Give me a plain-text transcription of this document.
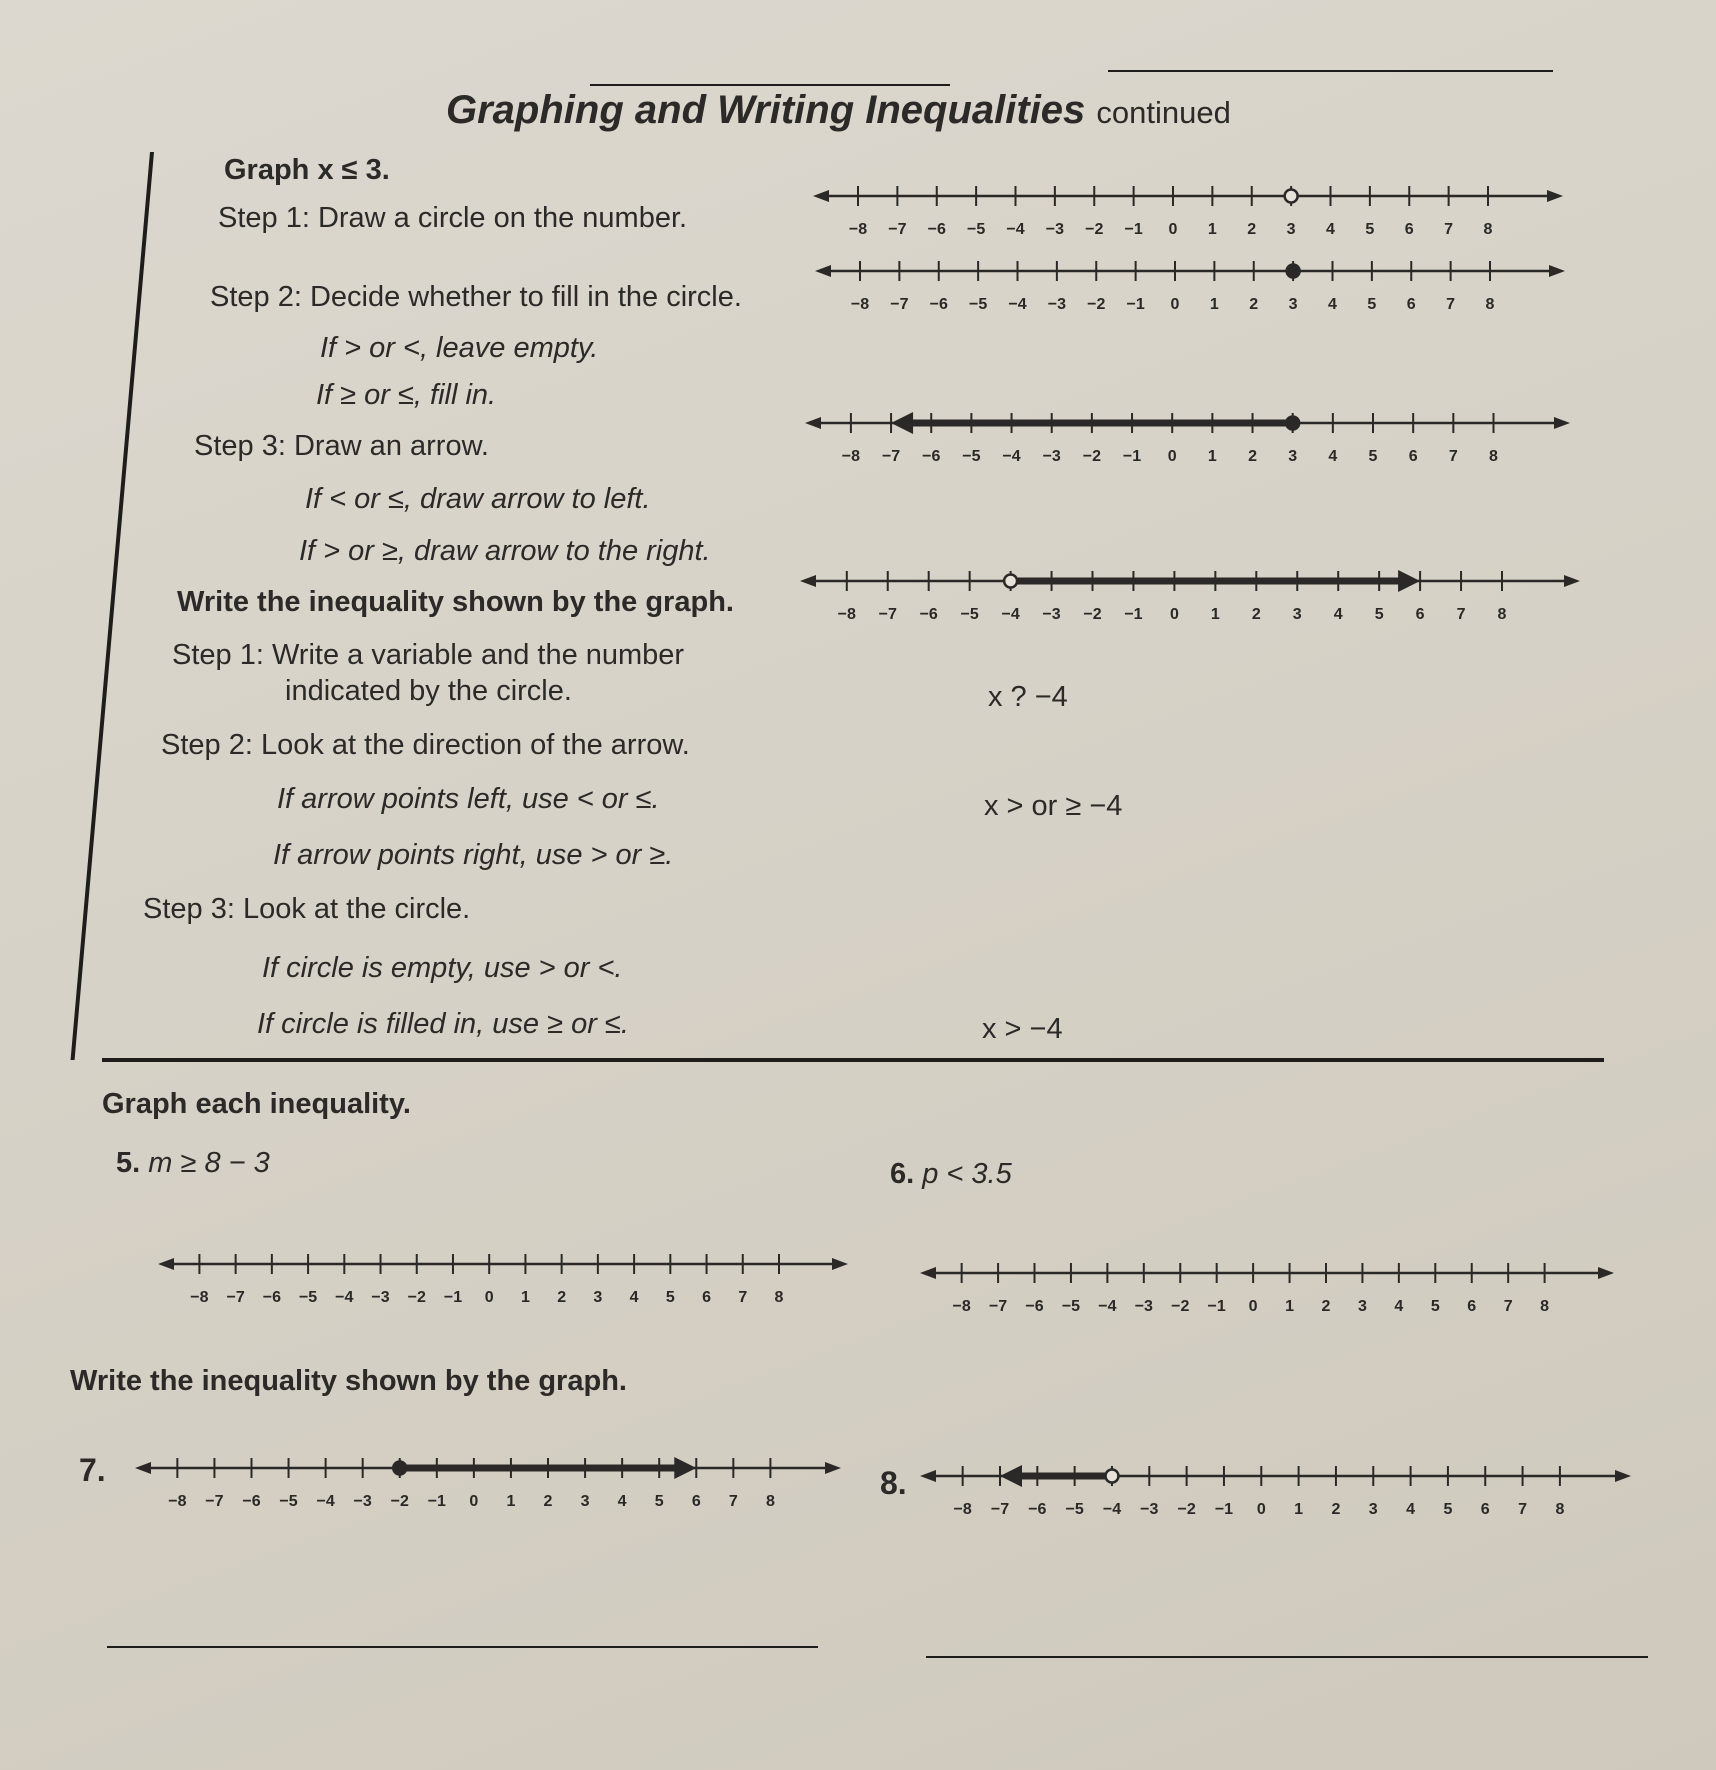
Graphing and Writing Inequalities continued
Graph x ≤ 3.
Step 1: Draw a circle on the number.
Step 2: Decide whether to fill in the circle.
If > or <, leave empty.
If ≥ or ≤, fill in.
Step 3: Draw an arrow.
If < or ≤, draw arrow to left.
If > or ≥, draw arrow to the right.
Write the inequality shown by the graph.
Step 1: Write a variable and the number
indicated by the circle.	x ? −4
Step 2: Look at the direction of the arrow.
If arrow points left, use < or ≤.	x > or ≥ −4
If arrow points right, use > or ≥.
Step 3: Look at the circle.
If circle is empty, use > or <.
If circle is filled in, use ≥ or ≤.	x > −4
Graph each inequality.
5. m ≥ 8 − 3	6. p < 3.5
Write the inequality shown by the graph.
7.	8.
−8 −7 −6 −5 −4 −3 −2 −1 0 1 2 3 4 5 6 7 8
−8 −7 −6 −5 −4 −3 −2 −1 0 1 2 3 4 5 6 7 8
−8 −7 −6 −5 −4 −3 −2 −1 0 1 2 3 4 5 6 7 8
−8 −7 −6 −5 −4 −3 −2 −1 0 1 2 3 4 5 6 7 8
−8 −7 −6 −5 −4 −3 −2 −1 0 1 2 3 4 5 6 7 8
−8 −7 −6 −5 −4 −3 −2 −1 0 1 2 3 4 5 6 7 8
−8 −7 −6 −5 −4 −3 −2 −1 0 1 2 3 4 5 6 7 8	−8 −7 −6 −5 −4 −3 −2 −1 0 1 2 3 4 5 6 7 8
